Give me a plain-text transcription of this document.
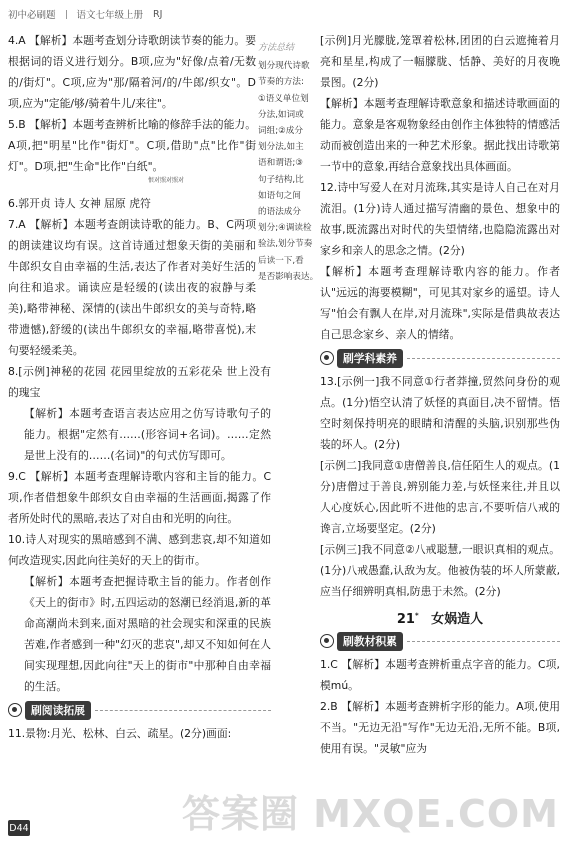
初中必刷题 语文七年级上册 RJ
方法总结
划分现代诗歌
节奏的方法:
①语义单位划
分法,如词或
词组;②成分
划分法,如主
语和谓语;③
句子结构,比
如语句之间
的语法成分
划分;④调读检
验法,划分节奏
后读一下,看
是否影响表达。

4.A 【解析】本题考查划分诗歌朗读节奏的能力。要根据词的语义进行划分。B项,应为"好像/点着/无数的/街灯"。C项,应为"那/隔着河/的/牛郎/织女"。D项,应为"定能/够/骑着牛儿/来往"。

5.B 【解析】本题考查辨析比喻的修辞手法的能力。A项,把"明星"比作"街灯"。C项,借助"点"比作"街灯"。D项,把"生命"比作"白纸"。

恨对照对照对

6.郭开贞 诗人 女神 屈原 虎符

7.A 【解析】本题考查朗读诗歌的能力。B、C两项的朗读建议均有误。这首诗通过想象天街的美丽和牛郎织女自由幸福的生活,表达了作者对美好生活的向往和追求。诵读应是轻缓的(读出夜的寂静与柔美),略带神秘、深情的(读出牛郎织女的美与奇特,略带遗憾),舒缓的(读出牛郎织女的幸福,略带喜悦),末句要轻缓柔美。

8.[示例]神秘的花园 花园里绽放的五彩花朵 世上没有的瑰宝

【解析】本题考查语言表达应用之仿写诗歌句子的能力。根据"定然有……(形容词+名词)。……定然是世上没有的……(名词)"的句式仿写即可。

9.C 【解析】本题考查理解诗歌内容和主旨的能力。C项,作者借想象牛郎织女自由幸福的生活画面,揭露了作者所处时代的黑暗,表达了对自由和光明的向往。

10.诗人对现实的黑暗感到不满、感到悲哀,却不知道如何改造现实,因此向往美好的天上的街市。

【解析】本题考查把握诗歌主旨的能力。作者创作《天上的街市》时,五四运动的怒潮已经消退,新的革命高潮尚未到来,面对黑暗的社会现实和深重的民族苦难,作者感到一种"幻灭的悲哀",却又不知如何在人间实现理想,因此向往"天上的街市"中那种自由幸福的生活。

刷阅读拓展

11.景物:月光、松林、白云、疏星。(2分)画面:

[示例]月光朦胧,笼罩着松林,团团的白云遮掩着月亮和星星,构成了一幅朦胧、恬静、美好的月夜晚景图。(2分)

【解析】本题考查理解诗歌意象和描述诗歌画面的能力。意象是客观物象经由创作主体独特的情感活动而被创造出来的一种艺术形象。据此找出诗歌第一节中的意象,再结合意象找出具体画面。

12.诗中写爱人在对月流珠,其实是诗人自己在对月流泪。(1分)诗人通过描写清幽的景色、想象中的故事,既流露出对时代的失望情绪,也隐隐流露出对家乡和亲人的思念之情。(2分)

【解析】本题考查理解诗歌内容的能力。作者认"远远的海要模糊"，可见其对家乡的遥望。诗人写"怕会有飘人在岸,对月流珠",实际是借典故表达自己思念家乡、亲人的情绪。

刷学科素养

13.[示例一]我不同意①行者莽撞,贸然问身份的观点。(1分)悟空认清了妖怪的真面目,决不留情。悟空时刻保持明亮的眼睛和清醒的头脑,识别那些伪装的坏人。(2分)

[示例二]我同意①唐僧善良,信任陌生人的观点。(1分)唐僧过于善良,辨别能力差,与妖怪来往,并且以人心度妖心,因此听不进他的忠言,不要听信八戒的谗言,立场要坚定。(2分)

[示例三]我不同意②八戒聪慧,一眼识真相的观点。(1分)八戒愚蠢,认敌为友。他被伪装的坏人所蒙蔽,应当仔细辨明真相,防患于未然。(2分)

21* 女娲造人
刷教材积累

1.C 【解析】本题考查辨析重点字音的能力。C项,模mú。

2.B 【解析】本题考查辨析字形的能力。A项,使用不当。"无边无沿"写作"无边无沿,无所不能。B项,使用有误。"灵敏"应为

D44	答案圈 MXQE.COM
